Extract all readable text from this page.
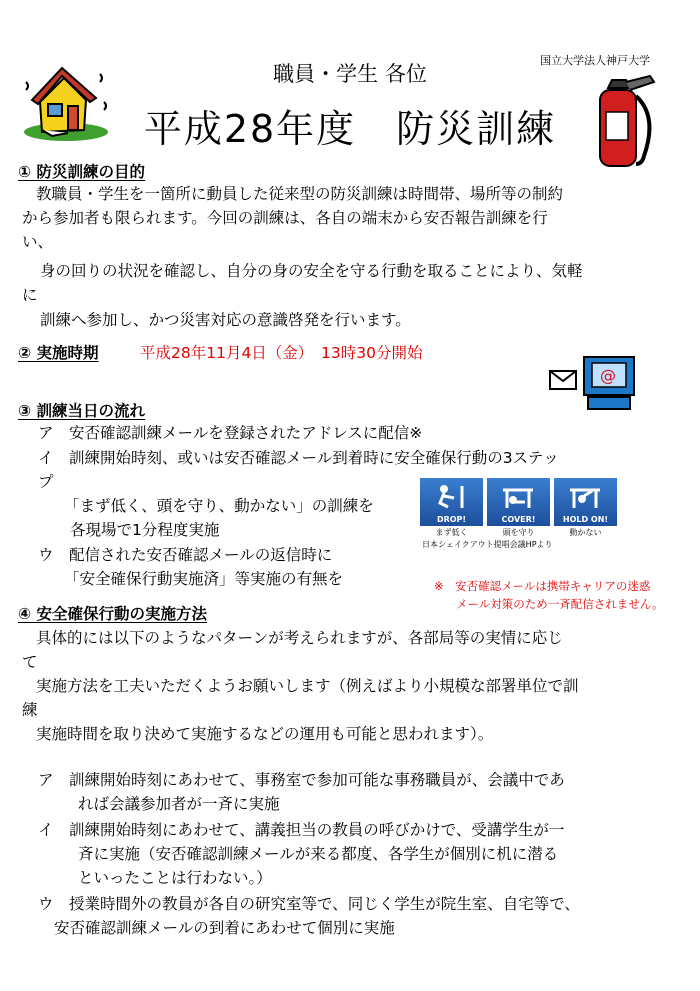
国立大学法人神戸大学
職員・学生 各位
平成28年度　防災訓練
① 防災訓練の目的
教職員・学生を一箇所に動員した従来型の防災訓練は時間帯、場所等の制約
から参加者も限られます。今回の訓練は、各自の端末から安否報告訓練を行
い、
身の回りの状況を確認し、自分の身の安全を守る行動を取ることにより、気軽
に
訓練へ参加し、かつ災害対応の意識啓発を行います。
② 実施時期	平成28年11月4日（金）　13時30分開始
@
③ 訓練当日の流れ
ア　安否確認訓練メールを登録されたアドレスに配信※
イ　訓練開始時刻、或いは安否確認メール到着時に安全確保行動の3ステッ
プ
「まず低く、頭を守り、動かない」の訓練を
各現場で1分程度実施
ウ　配信された安否確認メールの返信時に
「安全確保行動実施済」等実施の有無を
DROP!	COVER!	HOLD ON!
まず低く	頭を守り	動かない
日本シェイクアウト提唱会議HPより
※　安否確認メールは携帯キャリアの迷惑
メール対策のため一斉配信されません。
④ 安全確保行動の実施方法
具体的には以下のようなパターンが考えられますが、各部局等の実情に応じ
て
実施方法を工夫いただくようお願いします（例えばより小規模な部署単位で訓
練
実施時間を取り決めて実施するなどの運用も可能と思われます）。
ア　訓練開始時刻にあわせて、事務室で参加可能な事務職員が、会議中であ
れば会議参加者が一斉に実施
イ　訓練開始時刻にあわせて、講義担当の教員の呼びかけで、受講学生が一
斉に実施（安否確認訓練メールが来る都度、各学生が個別に机に潜る
といったことは行わない。）
ウ　授業時間外の教員が各自の研究室等で、同じく学生が院生室、自宅等で、
安否確認訓練メールの到着にあわせて個別に実施
